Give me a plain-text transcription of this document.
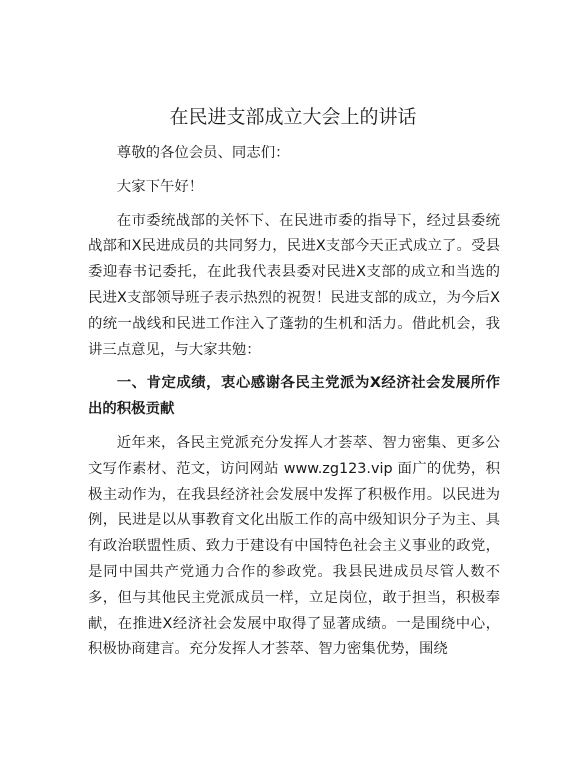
在民进支部成立大会上的讲话

尊敬的各位会员、同志们：

大家下午好！

在市委统战部的关怀下、在民进市委的指导下，经过县委统战部和X民进成员的共同努力，民进X支部今天正式成立了。受县委迎春书记委托，在此我代表县委对民进X支部的成立和当选的民进X支部领导班子表示热烈的祝贺！民进支部的成立，为今后X的统一战线和民进工作注入了蓬勃的生机和活力。借此机会，我讲三点意见，与大家共勉：

一、肯定成绩，衷心感谢各民主党派为X经济社会发展所作出的积极贡献

近年来，各民主党派充分发挥人才荟萃、智力密集、更多公文写作素材、范文，访问网站 www.zg123.vip 面广的优势，积极主动作为，在我县经济社会发展中发挥了积极作用。以民进为例，民进是以从事教育文化出版工作的高中级知识分子为主、具有政治联盟性质、致力于建设有中国特色社会主义事业的政党，是同中国共产党通力合作的参政党。我县民进成员尽管人数不多，但与其他民主党派成员一样，立足岗位，敢于担当，积极奉献，在推进X经济社会发展中取得了显著成绩。一是围绕中心，积极协商建言。充分发挥人才荟萃、智力密集优势，围绕
